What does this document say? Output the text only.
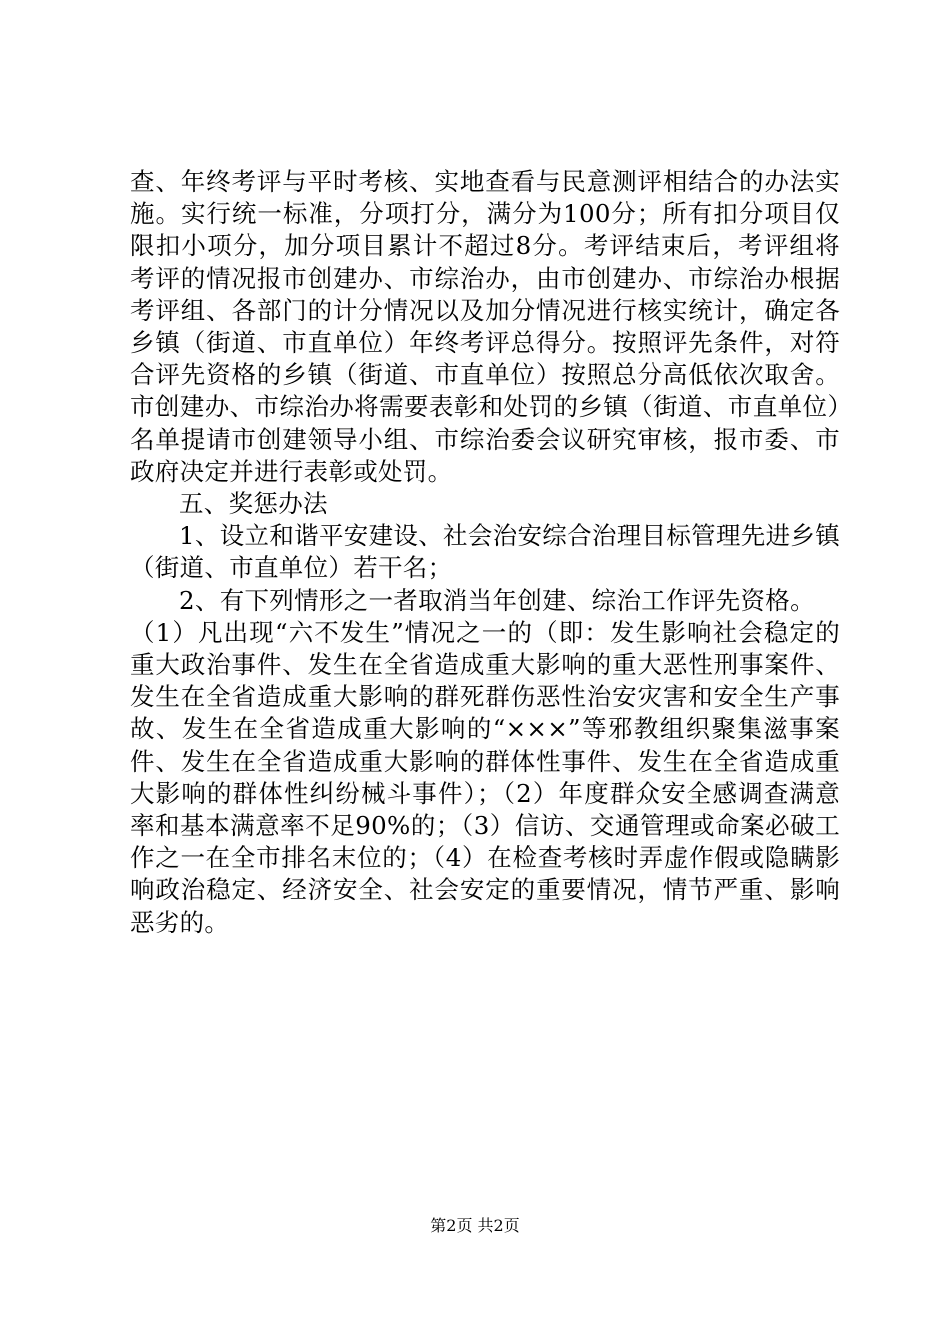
查、年终考评与平时考核、实地查看与民意测评相结合的办法实施。实行统一标准，分项打分，满分为100分；所有扣分项目仅限扣小项分，加分项目累计不超过8分。考评结束后，考评组将考评的情况报市创建办、市综治办，由市创建办、市综治办根据考评组、各部门的计分情况以及加分情况进行核实统计，确定各乡镇（街道、市直单位）年终考评总得分。按照评先条件，对符合评先资格的乡镇（街道、市直单位）按照总分高低依次取舍。市创建办、市综治办将需要表彰和处罚的乡镇（街道、市直单位）名单提请市创建领导小组、市综治委会议研究审核，报市委、市政府决定并进行表彰或处罚。

五、奖惩办法

1、设立和谐平安建设、社会治安综合治理目标管理先进乡镇（街道、市直单位）若干名；

2、有下列情形之一者取消当年创建、综治工作评先资格。

（1）凡出现“六不发生”情况之一的（即：发生影响社会稳定的重大政治事件、发生在全省造成重大影响的重大恶性刑事案件、发生在全省造成重大影响的群死群伤恶性治安灾害和安全生产事故、发生在全省造成重大影响的“×××”等邪教组织聚集滋事案件、发生在全省造成重大影响的群体性事件、发生在全省造成重大影响的群体性纠纷械斗事件）；（2）年度群众安全感调查满意率和基本满意率不足90%的；（3）信访、交通管理或命案必破工作之一在全市排名末位的；（4）在检查考核时弄虚作假或隐瞒影响政治稳定、经济安全、社会安定的重要情况，情节严重、影响恶劣的。

第2页 共2页
